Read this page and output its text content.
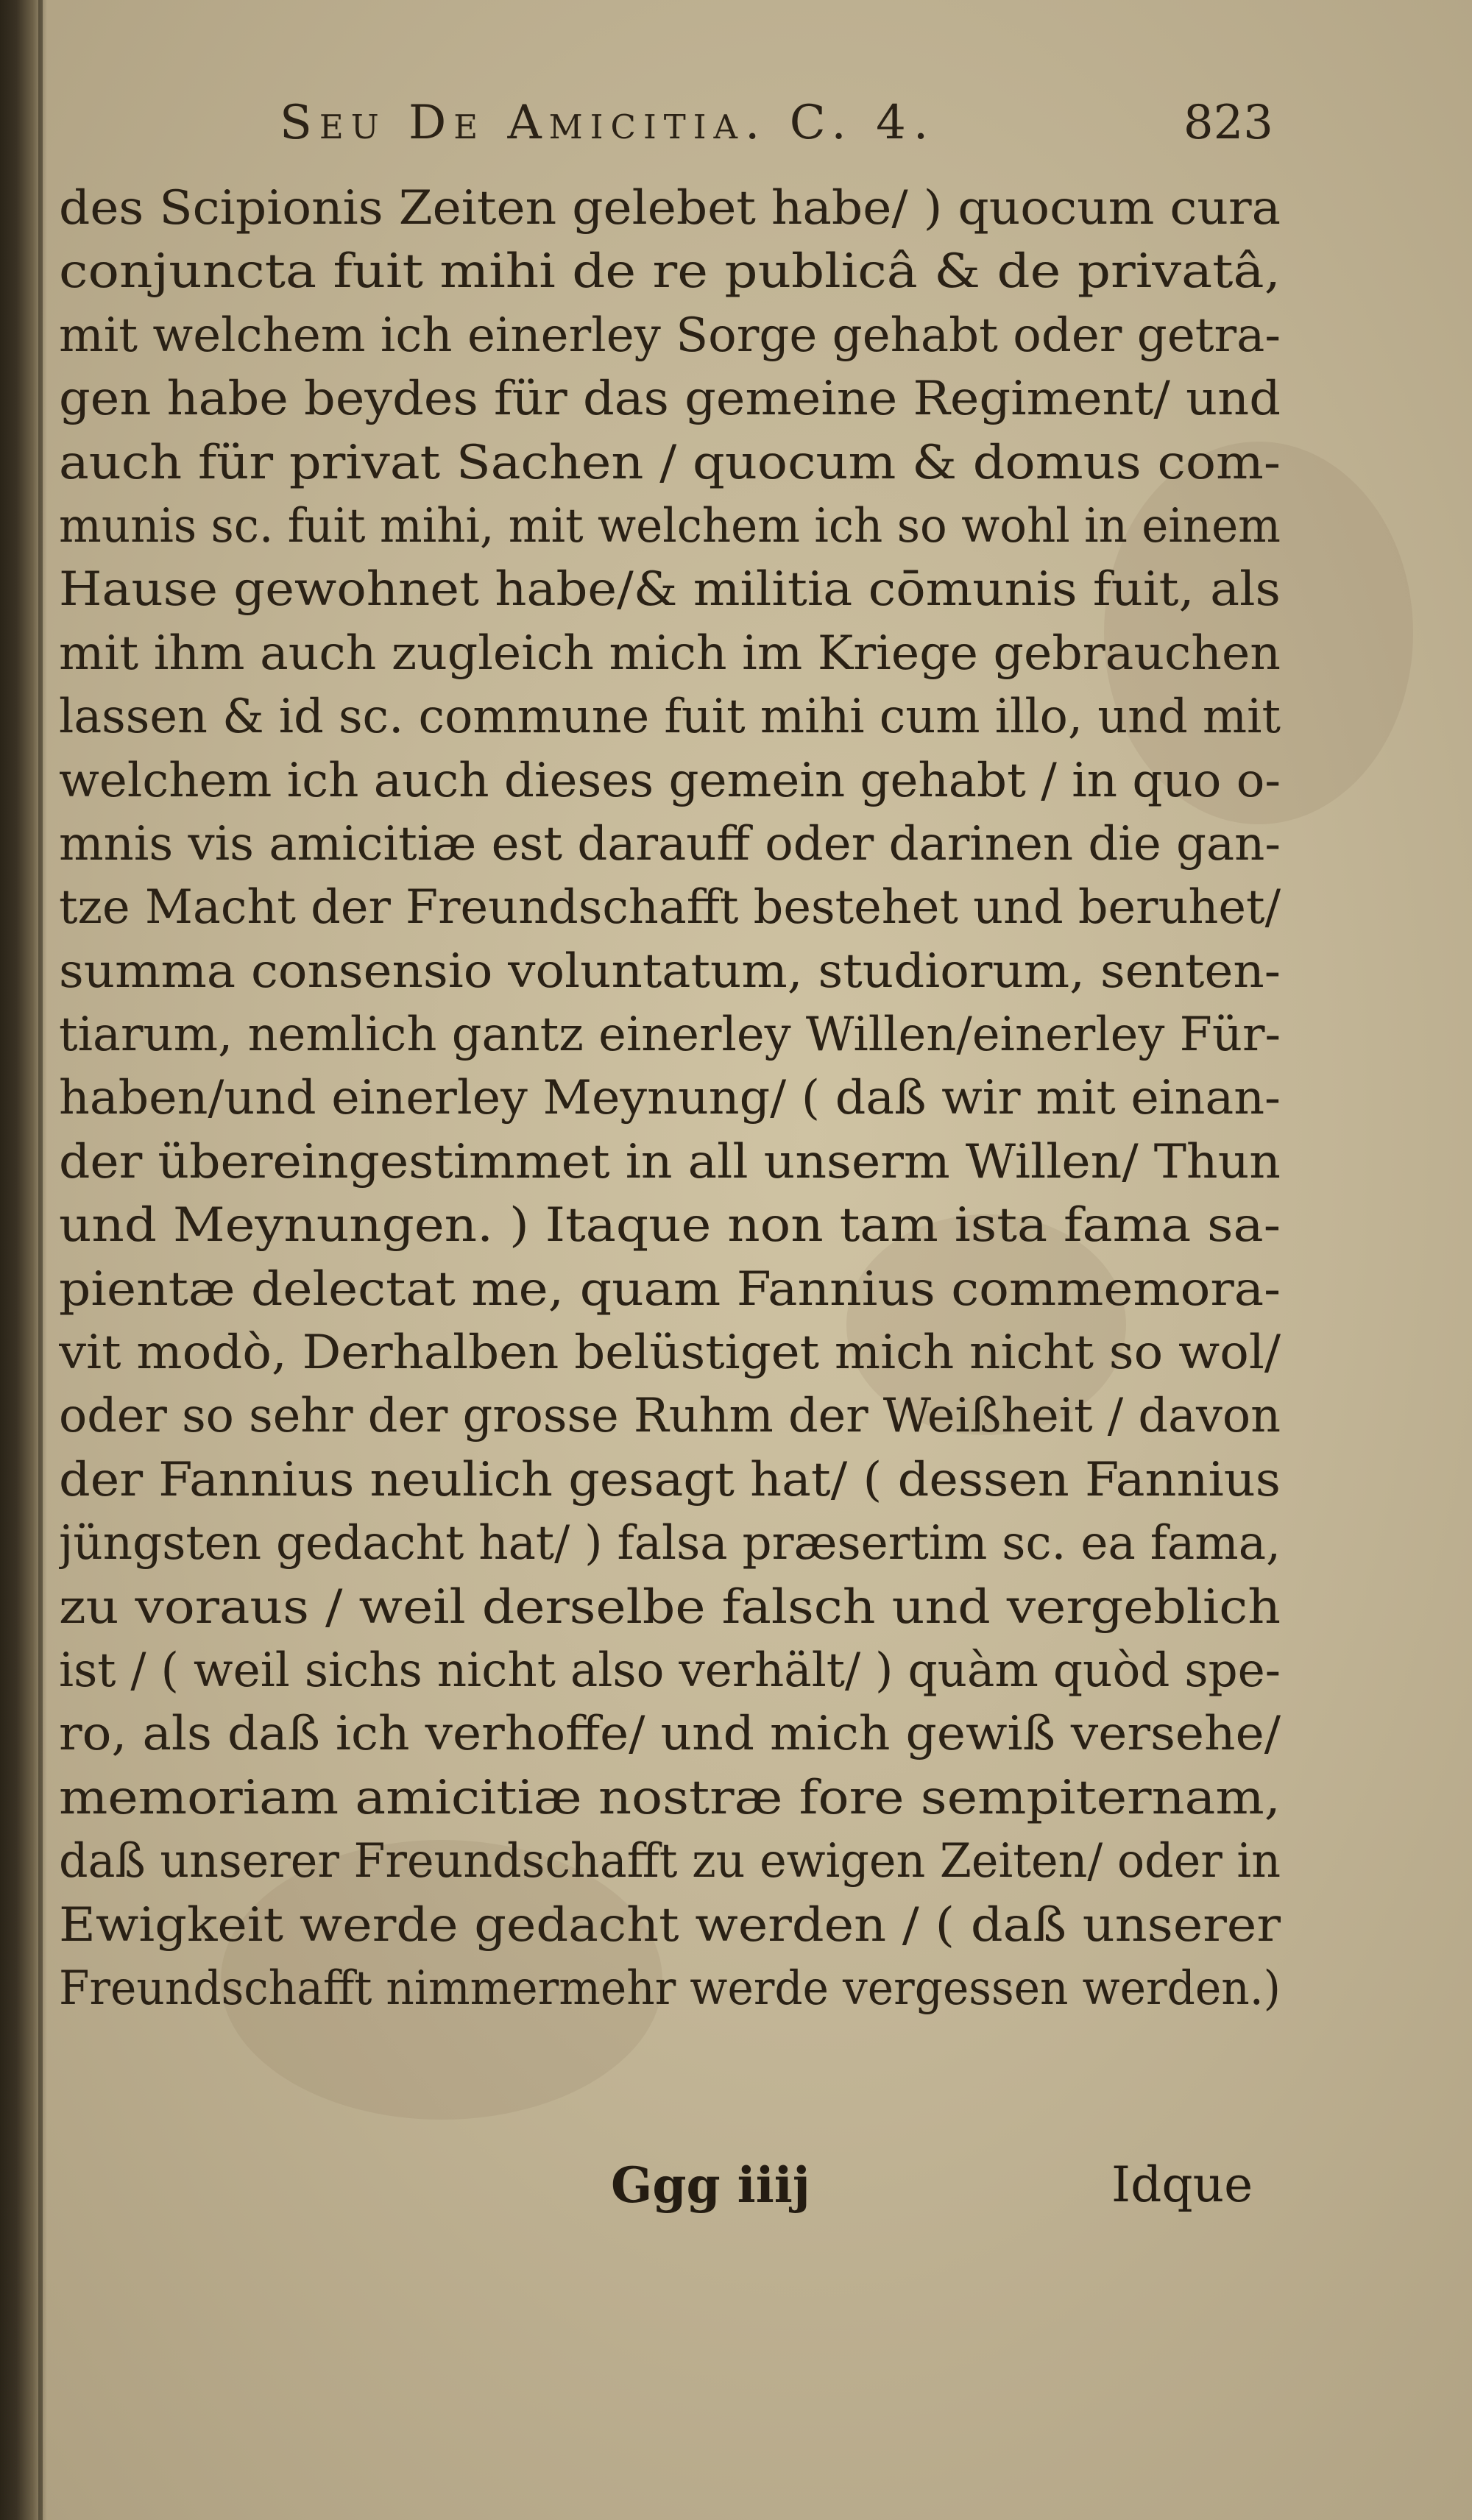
Seu De Amicitia. C. 4.	823
des Scipionis Zeiten gelebet habe/ ) quocum cura
conjuncta fuit mihi de re publicâ & de privatâ,
mit welchem ich einerley Sorge gehabt oder getra-
gen habe beydes für das gemeine Regiment/ und
auch für privat Sachen / quocum & domus com-
munis sc. fuit mihi, mit welchem ich so wohl in einem
Hause gewohnet habe/& militia cōmunis fuit, als
mit ihm auch zugleich mich im Kriege gebrauchen
lassen & id sc. commune fuit mihi cum illo, und mit
welchem ich auch dieses gemein gehabt / in quo o-
mnis vis amicitiæ est darauff oder darinen die gan-
tze Macht der Freundschafft bestehet und beruhet/
summa consensio voluntatum, studiorum, senten-
tiarum, nemlich gantz einerley Willen/einerley Für-
haben/und einerley Meynung/ ( daß wir mit einan-
der übereingestimmet in all unserm Willen/ Thun
und Meynungen. ) Itaque non tam ista fama sa-
pientæ delectat me, quam Fannius commemora-
vit modò, Derhalben belüstiget mich nicht so wol/
oder so sehr der grosse Ruhm der Weißheit / davon
der Fannius neulich gesagt hat/ ( dessen Fannius
jüngsten gedacht hat/ ) falsa præsertim sc. ea fama,
zu voraus / weil derselbe falsch und vergeblich
ist / ( weil sichs nicht also verhält/ ) quàm quòd spe-
ro, als daß ich verhoffe/ und mich gewiß versehe/
memoriam amicitiæ nostræ fore sempiternam,
daß unserer Freundschafft zu ewigen Zeiten/ oder in
Ewigkeit werde gedacht werden / ( daß unserer
Freundschafft nimmermehr werde vergessen werden.)
Ggg iiij	Idque
